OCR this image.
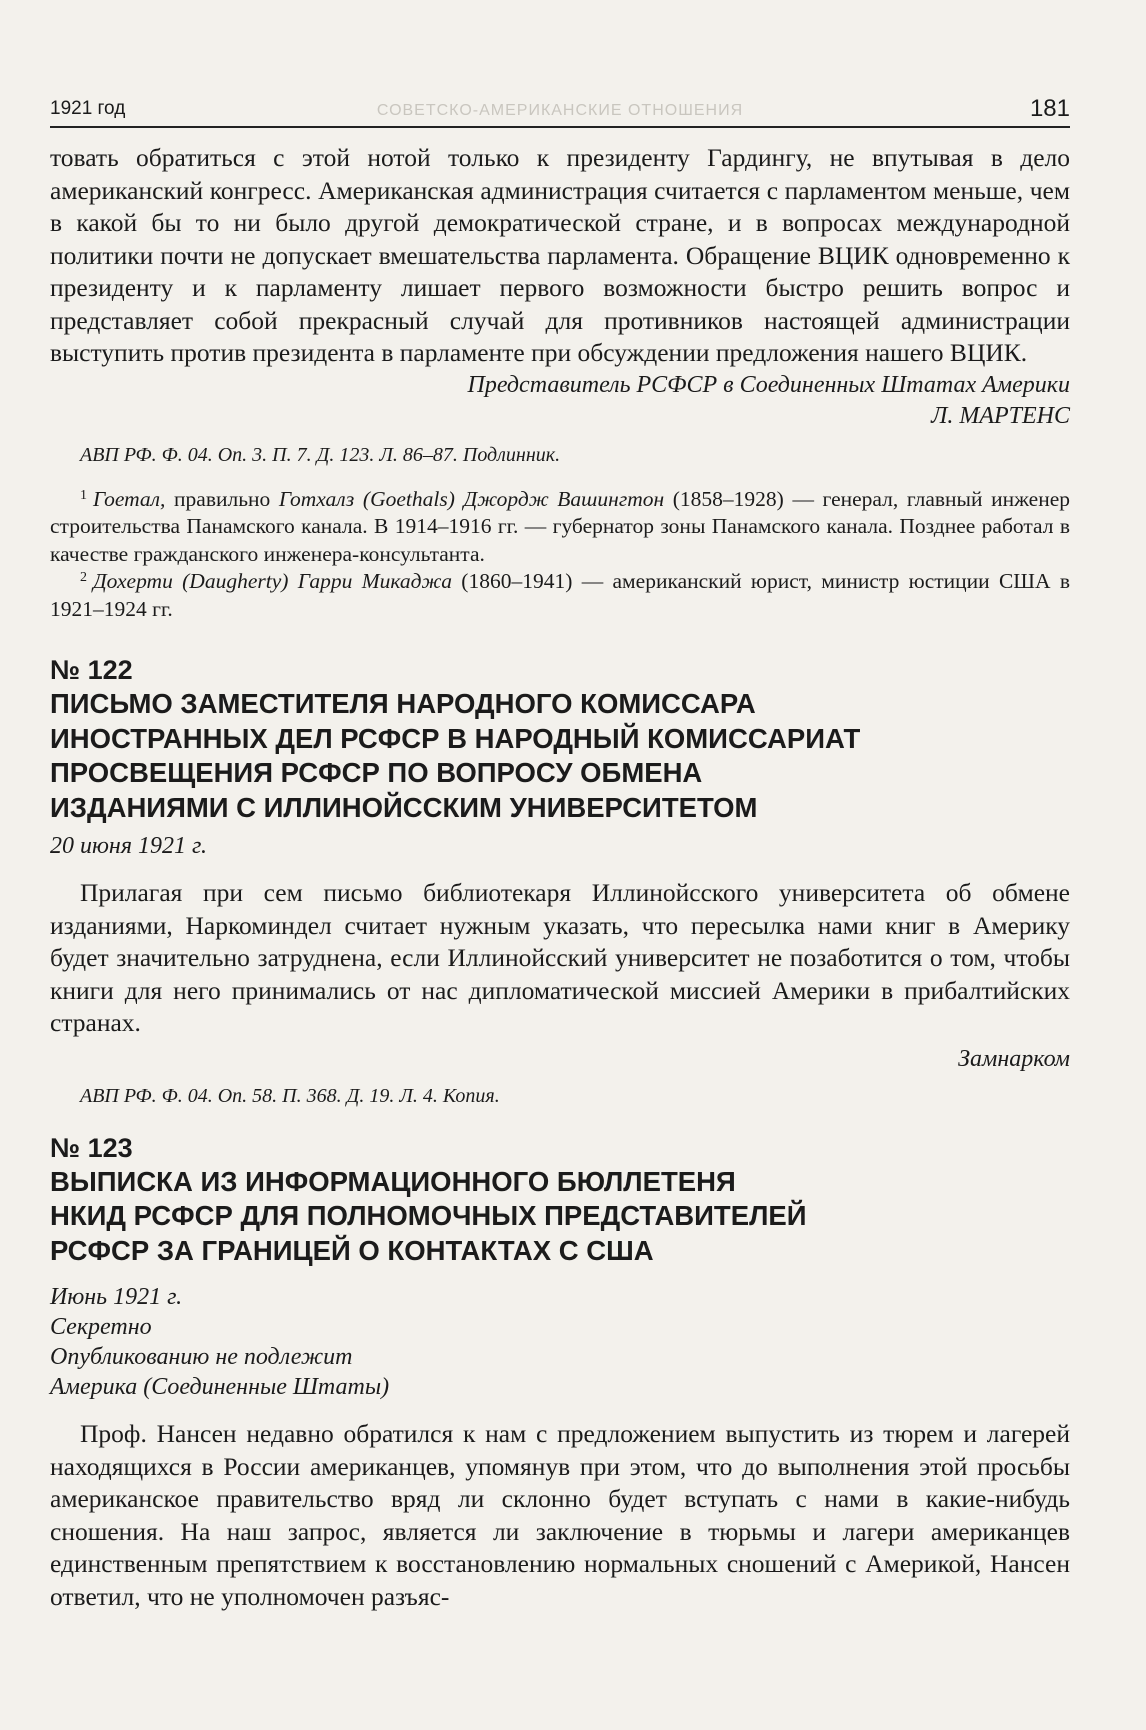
1921 год	СОВЕТСКО-АМЕРИКАНСКИЕ ОТНОШЕНИЯ	181

товать обратиться с этой нотой только к президенту Гардингу, не впутывая в дело американский конгресс. Американская администрация считается с парламентом меньше, чем в какой бы то ни было другой демократической стране, и в вопросах международной политики почти не допускает вмешательства парламента. Обращение ВЦИК одновременно к президенту и к парламенту лишает первого возможности быстро решить вопрос и представляет собой прекрасный случай для противников настоящей администрации выступить против президента в парламенте при обсуждении предложения нашего ВЦИК.

Представитель РСФСР в Соединенных Штатах Америки

Л. МАРТЕНС

АВП РФ. Ф. 04. Оп. 3. П. 7. Д. 123. Л. 86–87. Подлинник.

$^1$ Гоетал, правильно Готхалз (Goethals) Джордж Вашингтон (1858–1928) — генерал, главный инженер строительства Панамского канала. В 1914–1916 гг. — губернатор зоны Панамского канала. Позднее работал в качестве гражданского инженера-консультанта.

$^2$ Дохерти (Daugherty) Гарри Микаджа (1860–1941) — американский юрист, министр юстиции США в 1921–1924 гг.

№ 122

ПИСЬМО ЗАМЕСТИТЕЛЯ НАРОДНОГО КОМИССАРА

ИНОСТРАННЫХ ДЕЛ РСФСР В НАРОДНЫЙ КОМИССАРИАТ

ПРОСВЕЩЕНИЯ РСФСР ПО ВОПРОСУ ОБМЕНА

ИЗДАНИЯМИ С ИЛЛИНОЙССКИМ УНИВЕРСИТЕТОМ

20 июня 1921 г.

Прилагая при сем письмо библиотекаря Иллинойсского университета об обмене изданиями, Наркоминдел считает нужным указать, что пересылка нами книг в Америку будет значительно затруднена, если Иллинойсский университет не позаботится о том, чтобы книги для него принимались от нас дипломатической миссией Америки в прибалтийских странах.

Замнарком

АВП РФ. Ф. 04. Оп. 58. П. 368. Д. 19. Л. 4. Копия.

№ 123

ВЫПИСКА ИЗ ИНФОРМАЦИОННОГО БЮЛЛЕТЕНЯ

НКИД РСФСР ДЛЯ ПОЛНОМОЧНЫХ ПРЕДСТАВИТЕЛЕЙ

РСФСР ЗА ГРАНИЦЕЙ О КОНТАКТАХ С США

Июнь 1921 г.

Секретно

Опубликованию не подлежит

Америка (Соединенные Штаты)

Проф. Нансен недавно обратился к нам с предложением выпустить из тюрем и лагерей находящихся в России американцев, упомянув при этом, что до выполнения этой просьбы американское правительство вряд ли склонно будет вступать с нами в какие-нибудь сношения. На наш запрос, является ли заключение в тюрьмы и лагери американцев единственным препятствием к восстановлению нормальных сношений с Америкой, Нансен ответил, что не уполномочен разъяс-
